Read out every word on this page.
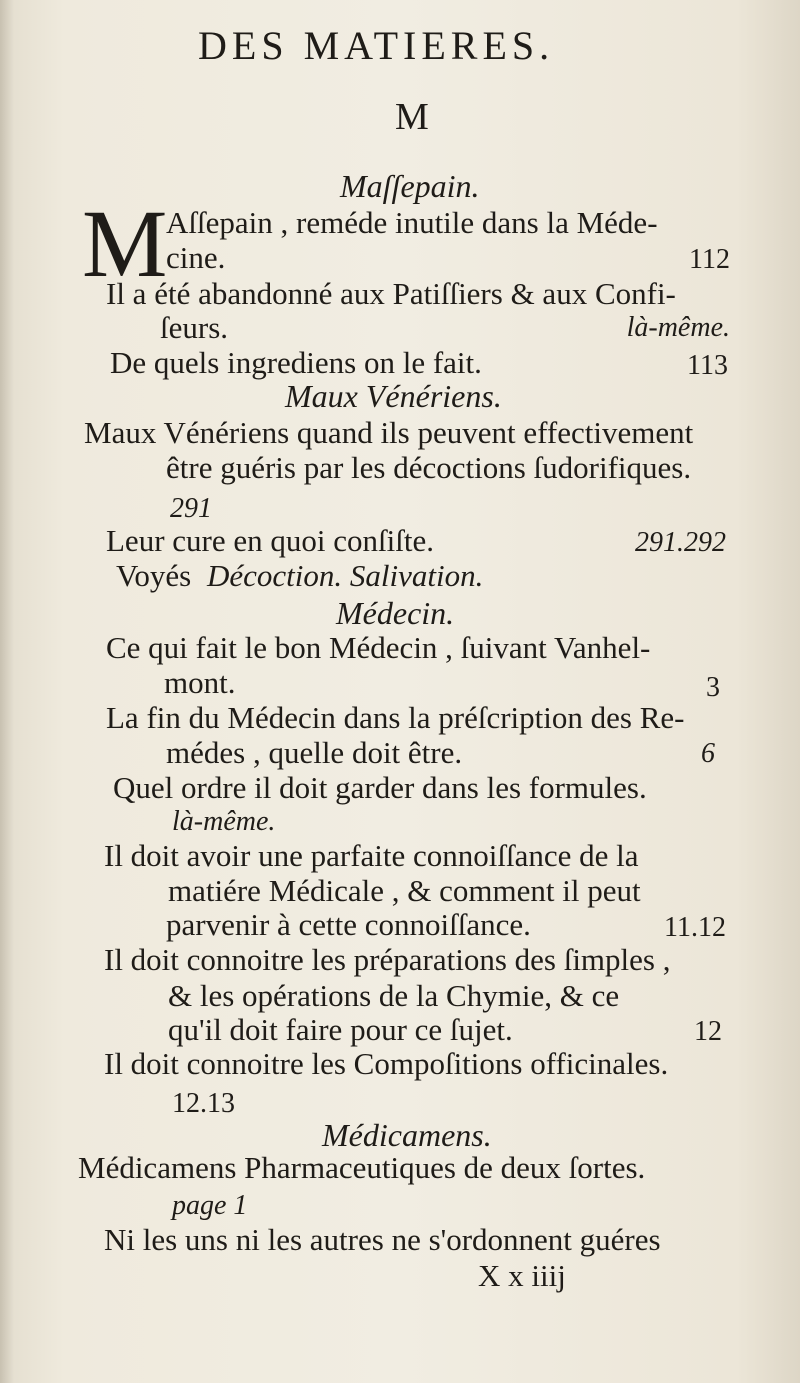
DES MATIERES.
M
Maſſepain.
M
Aſſepain , reméde inutile dans la Méde-
cine.	112
Il a été abandonné aux Patiſſiers & aux Confi-
ſeurs.	là-même.
De quels ingrediens on le fait.	113
Maux Vénériens.
Maux Vénériens quand ils peuvent effectivement
être guéris par les décoctions ſudorifiques.
291
Leur cure en quoi conſiſte.	291.292
Voyés Décoction. Salivation.
Médecin.
Ce qui fait le bon Médecin , ſuivant Vanhel-
mont.	3
La fin du Médecin dans la préſcription des Re-
médes , quelle doit être.	6
Quel ordre il doit garder dans les formules.
là-même.
Il doit avoir une parfaite connoiſſance de la
matiére Médicale , & comment il peut
parvenir à cette connoiſſance.	11.12
Il doit connoitre les préparations des ſimples ,
& les opérations de la Chymie, & ce
qu'il doit faire pour ce ſujet.	12
Il doit connoitre les Compoſitions officinales.
12.13
Médicamens.
Médicamens Pharmaceutiques de deux ſortes.
page 1
Ni les uns ni les autres ne s'ordonnent guéres
X x iiij
